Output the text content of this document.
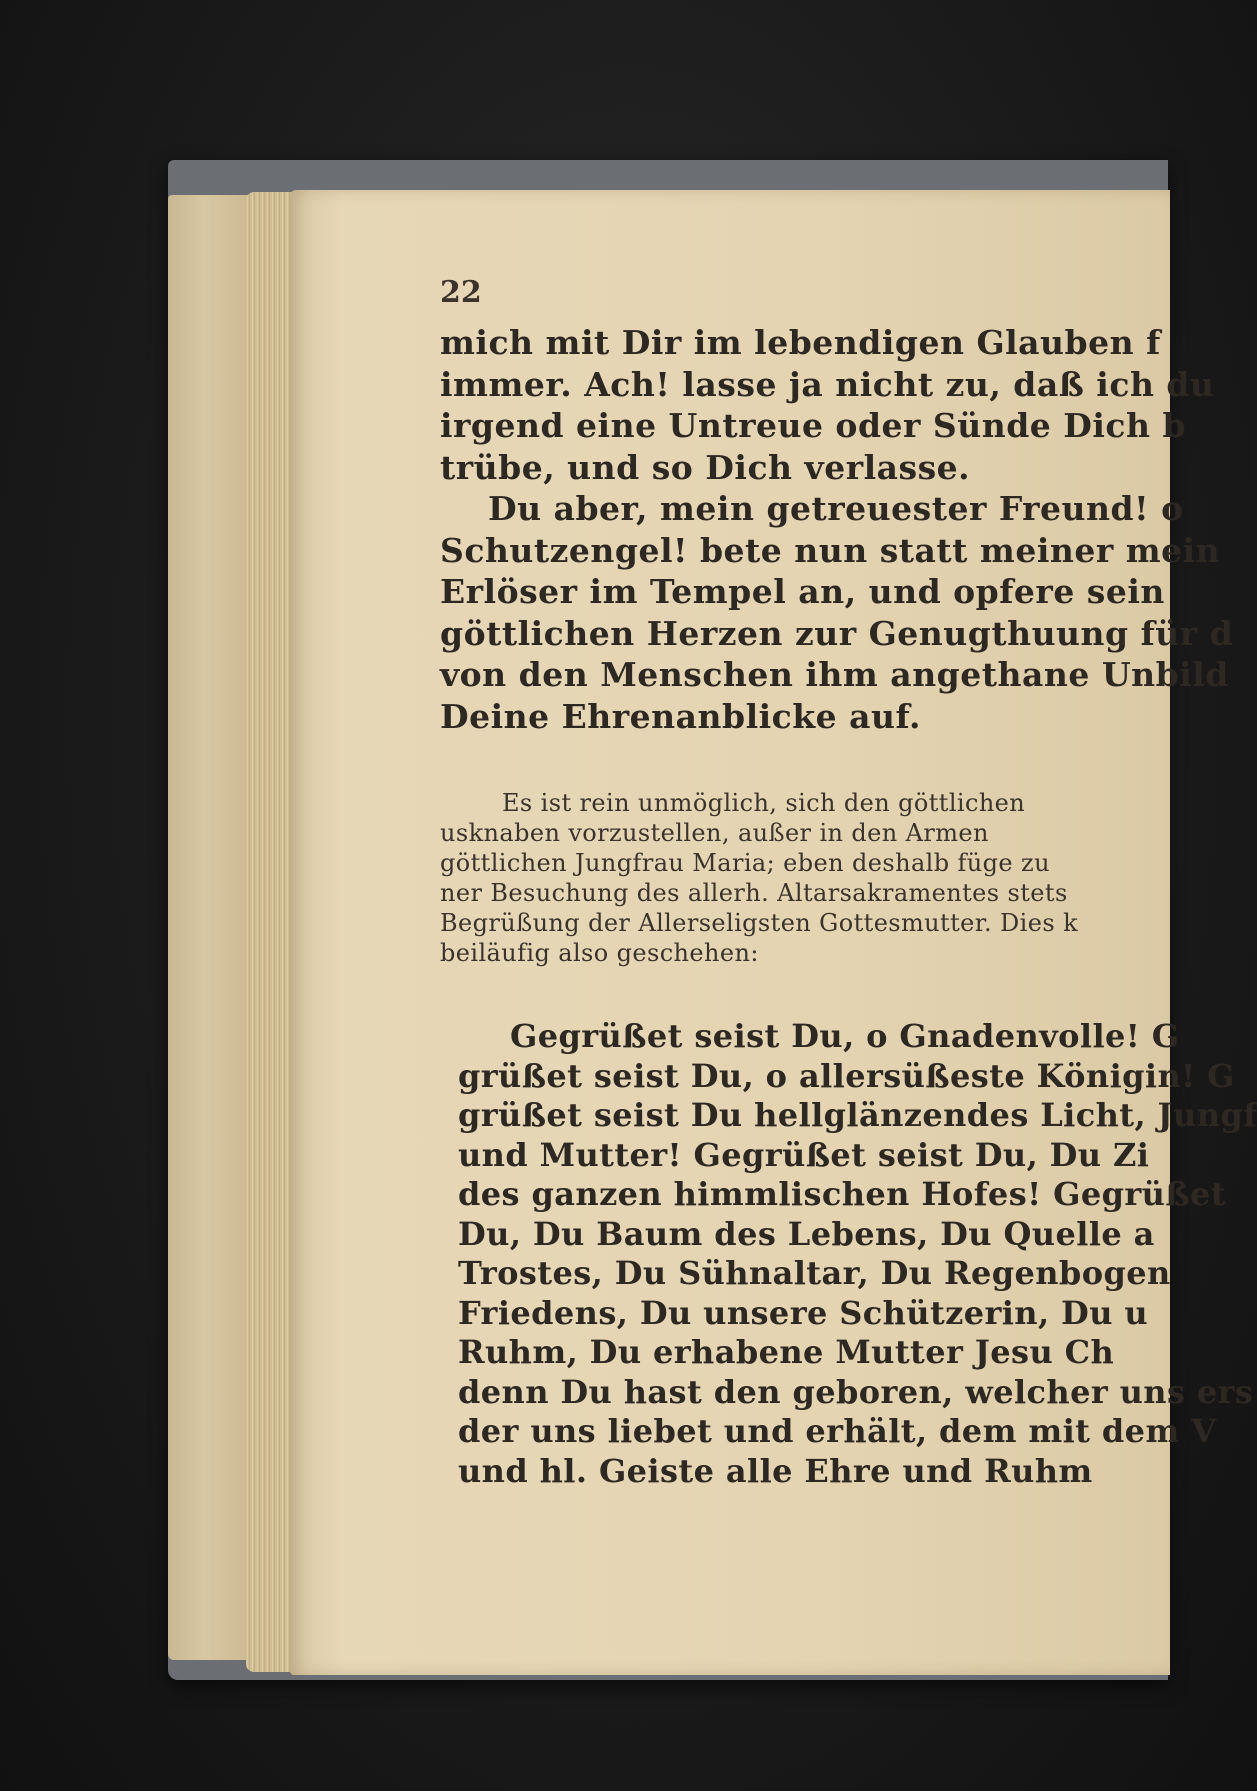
22

mich mit Dir im lebendigen Glauben f
immer. Ach! lasse ja nicht zu, daß ich du
irgend eine Untreue oder Sünde Dich b
trübe, und so Dich verlasse.
Du aber, mein getreuester Freund! o
Schutzengel! bete nun statt meiner mein
Erlöser im Tempel an, und opfere sein
göttlichen Herzen zur Genugthuung für d
von den Menschen ihm angethane Unbild
Deine Ehrenanblicke auf.
Es ist rein unmöglich, sich den göttlichen
usknaben vorzustellen, außer in den Armen
göttlichen Jungfrau Maria; eben deshalb füge zu
ner Besuchung des allerh. Altarsakramentes stets
Begrüßung der Allerseligsten Gottesmutter. Dies k
beiläufig also geschehen:
Gegrüßet seist Du, o Gnadenvolle! G
grüßet seist Du, o allersüßeste Königin! G
grüßet seist Du hellglänzendes Licht, Jungf
und Mutter! Gegrüßet seist Du, Du Zi
des ganzen himmlischen Hofes! Gegrüßet
Du, Du Baum des Lebens, Du Quelle a
Trostes, Du Sühnaltar, Du Regenbogen
Friedens, Du unsere Schützerin, Du u
Ruhm, Du erhabene Mutter Jesu Ch
denn Du hast den geboren, welcher uns ers
der uns liebet und erhält, dem mit dem V
und hl. Geiste alle Ehre und Ruhm
